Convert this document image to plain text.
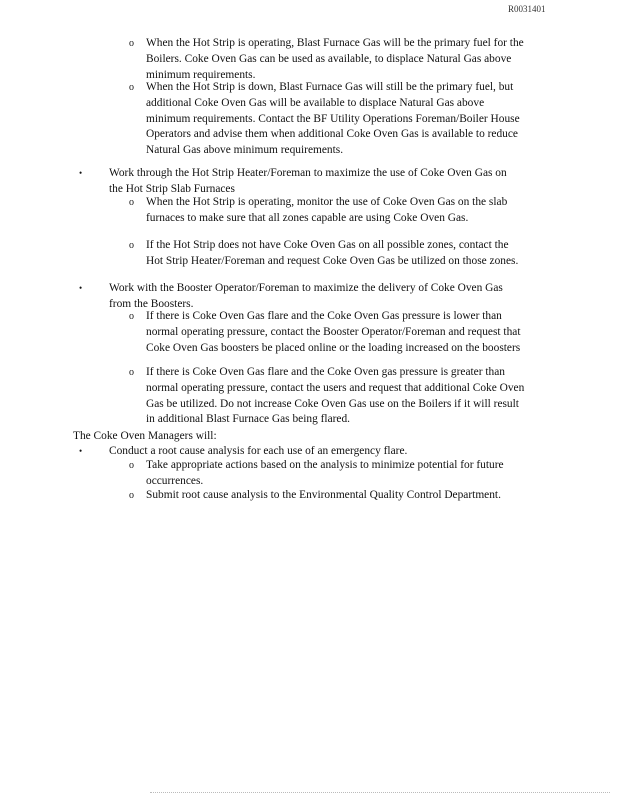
R0031401
o When the Hot Strip is operating, Blast Furnace Gas will be the primary fuel for the Boilers. Coke Oven Gas can be used as available, to displace Natural Gas above minimum requirements.
o When the Hot Strip is down, Blast Furnace Gas will still be the primary fuel, but additional Coke Oven Gas will be available to displace Natural Gas above minimum requirements. Contact the BF Utility Operations Foreman/Boiler House Operators and advise them when additional Coke Oven Gas is available to reduce Natural Gas above minimum requirements.
• Work through the Hot Strip Heater/Foreman to maximize the use of Coke Oven Gas on the Hot Strip Slab Furnaces
o When the Hot Strip is operating, monitor the use of Coke Oven Gas on the slab furnaces to make sure that all zones capable are using Coke Oven Gas.
o If the Hot Strip does not have Coke Oven Gas on all possible zones, contact the Hot Strip Heater/Foreman and request Coke Oven Gas be utilized on those zones.
• Work with the Booster Operator/Foreman to maximize the delivery of Coke Oven Gas from the Boosters.
o If there is Coke Oven Gas flare and the Coke Oven Gas pressure is lower than normal operating pressure, contact the Booster Operator/Foreman and request that Coke Oven Gas boosters be placed online or the loading increased on the boosters
o If there is Coke Oven Gas flare and the Coke Oven gas pressure is greater than normal operating pressure, contact the users and request that additional Coke Oven Gas be utilized. Do not increase Coke Oven Gas use on the Boilers if it will result in additional Blast Furnace Gas being flared.
The Coke Oven Managers will:
• Conduct a root cause analysis for each use of an emergency flare.
o Take appropriate actions based on the analysis to minimize potential for future occurrences.
o Submit root cause analysis to the Environmental Quality Control Department.
